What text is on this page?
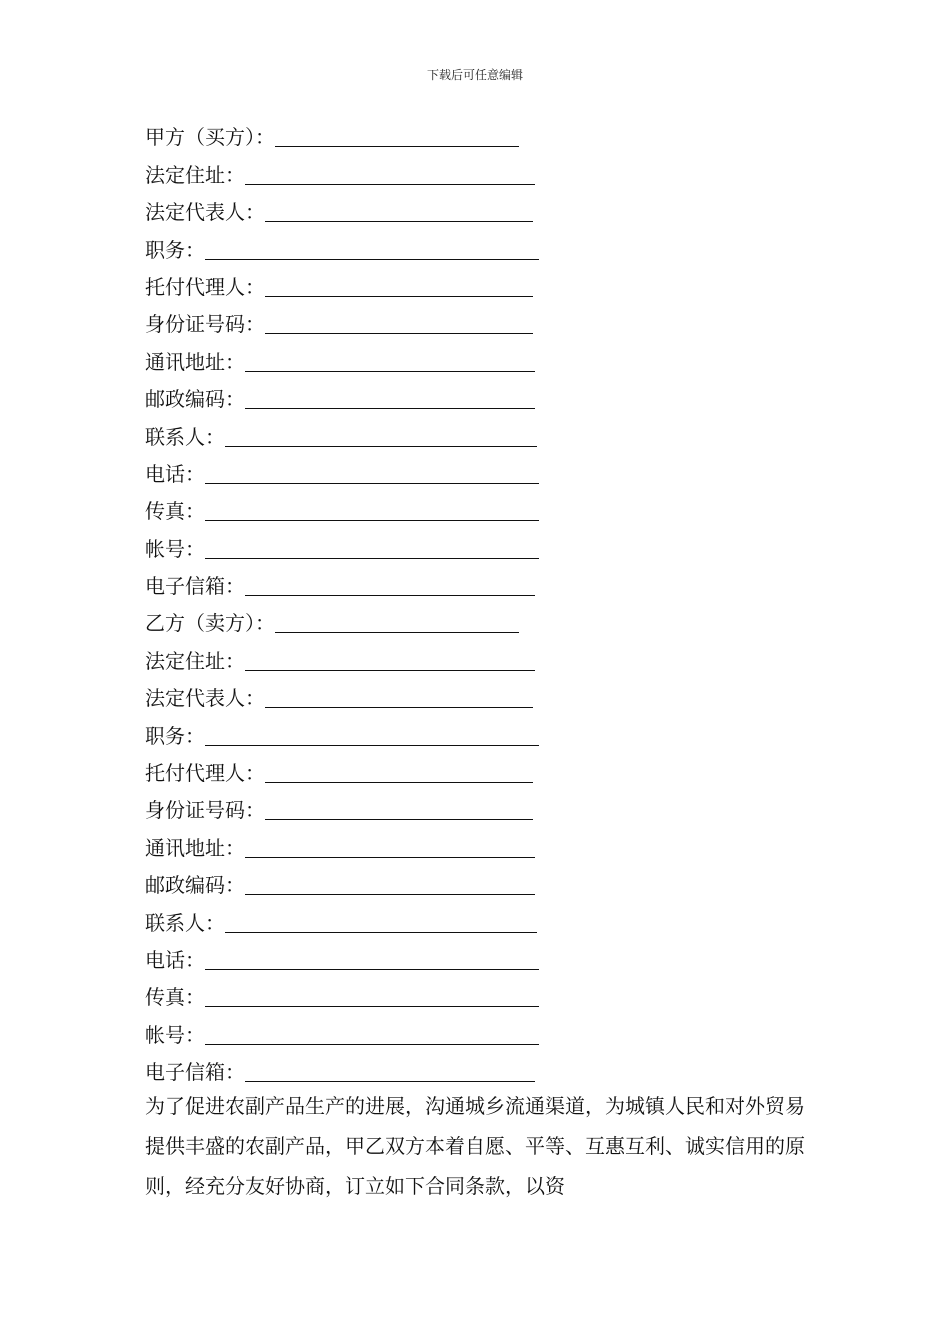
下载后可任意编辑
甲方（买方）：
法定住址：
法定代表人：
职务：
托付代理人：
身份证号码：
通讯地址：
邮政编码：
联系人：
电话：
传真：
帐号：
电子信箱：
乙方（卖方）：
法定住址：
法定代表人：
职务：
托付代理人：
身份证号码：
通讯地址：
邮政编码：
联系人：
电话：
传真：
帐号：
电子信箱：

为了促进农副产品生产的进展，沟通城乡流通渠道，为城镇人民和对外贸易提供丰盛的农副产品，甲乙双方本着自愿、平等、互惠互利、诚实信用的原则，经充分友好协商，订立如下合同条款，以资
